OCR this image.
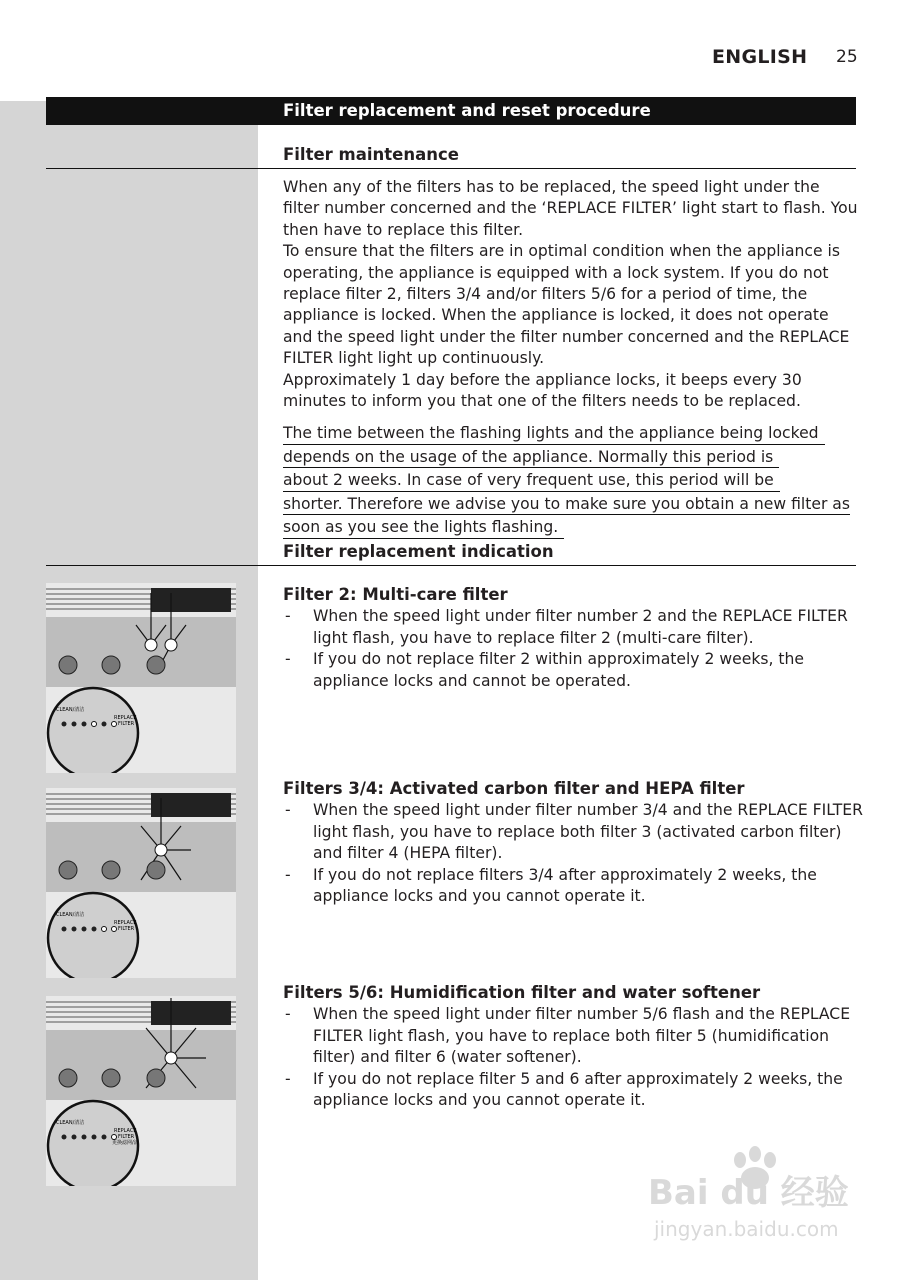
ENGLISH 25
Filter replacement and reset procedure
Filter maintenance

When any of the filters has to be replaced, the speed light under the filter number concerned and the ‘REPLACE FILTER’ light start to flash. You then have to replace this filter.

To ensure that the filters are in optimal condition when the appliance is operating, the appliance is equipped with a lock system. If you do not replace filter 2, filters 3/4 and/or filters 5/6 for a period of time, the appliance is locked. When the appliance is locked, it does not operate and the speed light under the filter number concerned and the REPLACE FILTER light light up continuously.

Approximately 1 day before the appliance locks, it beeps every 30 minutes to inform you that one of the filters needs to be replaced.

The time between the flashing lights and the appliance being locked
depends on the usage of the appliance. Normally this period is
about 2 weeks. In case of very frequent use, this period will be
shorter. Therefore we advise you to make sure you obtain a new filter as
soon as you see the lights flashing.
Filter replacement indication
Filter 2: Multi-care filter
- When the speed light under filter number 2 and the REPLACE FILTER light flash, you have to replace filter 2 (multi-care filter).
- If you do not replace filter 2 within approximately 2 weeks, the appliance locks and cannot be operated.
Filters 3/4: Activated carbon filter and HEPA filter
- When the speed light under filter number 3/4 and the REPLACE FILTER light flash, you have to replace both filter 3 (activated carbon filter) and filter 4 (HEPA filter).
- If you do not replace filters 3/4 after approximately 2 weeks, the appliance locks and you cannot operate it.
Filters 5/6: Humidification filter and water softener
- When the speed light under filter number 5/6 flash and the REPLACE FILTER light flash, you have to replace both filter 5 (humidification filter) and filter 6 (water softener).
- If you do not replace filter 5 and 6 after approximately 2 weeks, the appliance locks and you cannot operate it.
CLEAN/清洁
REPLACE
FILTER
CLEAN/清洁
REPLACE
FILTER
CLEAN/清洁
REPLACE
FILTER
更换滤网/清
Bai du 经验
jingyan.baidu.com
